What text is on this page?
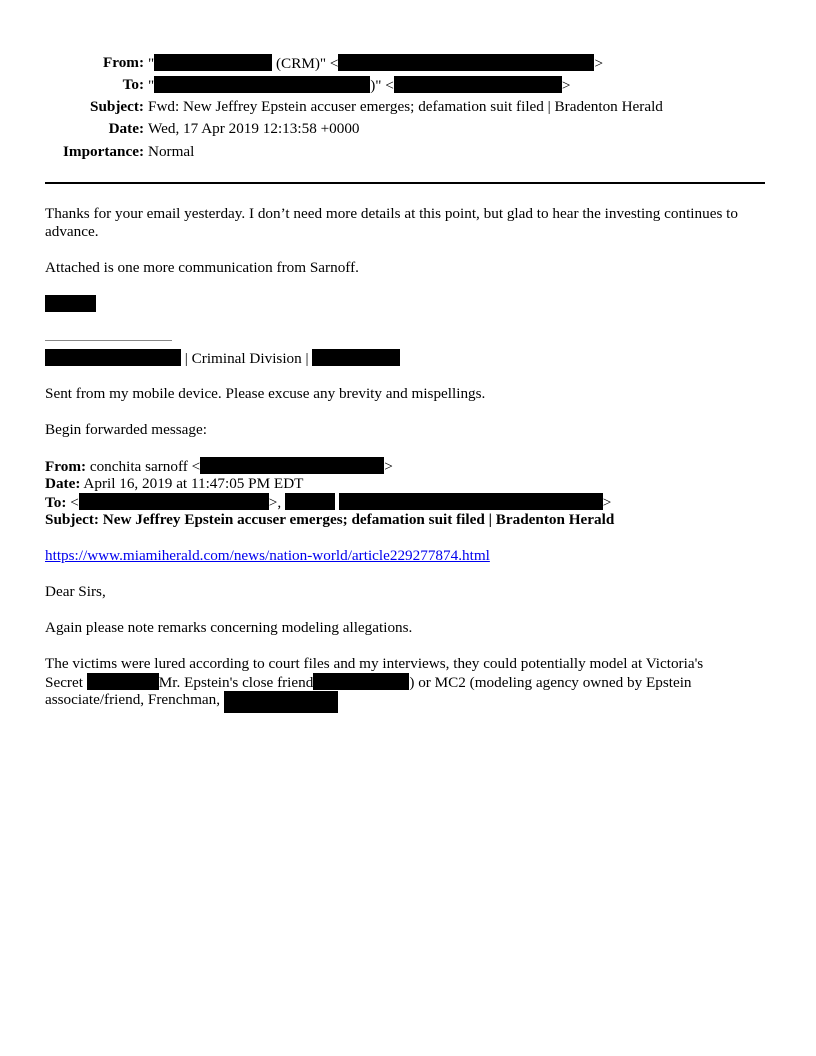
From: "	(CRM)" <	>
To: "	)" <	>
Subject: Fwd: New Jeffrey Epstein accuser emerges; defamation suit filed | Bradenton Herald
Date: Wed, 17 Apr 2019 12:13:58 +0000
Importance: Normal
Thanks for your email yesterday. I don’t need more details at this point, but glad to hear the investing continues to advance.
Attached is one more communication from Sarnoff.
| Criminal Division |
Sent from my mobile device. Please excuse any brevity and mispellings.
Begin forwarded message:
From: conchita sarnoff <	>
Date: April 16, 2019 at 11:47:05 PM EDT
To: <	>,	>
Subject: New Jeffrey Epstein accuser emerges; defamation suit filed | Bradenton Herald
https://www.miamiherald.com/news/nation-world/article229277874.html
Dear Sirs,
Again please note remarks concerning modeling allegations.
The victims were lured according to court files and my interviews, they could potentially model at Victoria's
Secret	Mr. Epstein's close friend	) or MC2 (modeling agency owned by Epstein
associate/friend, Frenchman,
